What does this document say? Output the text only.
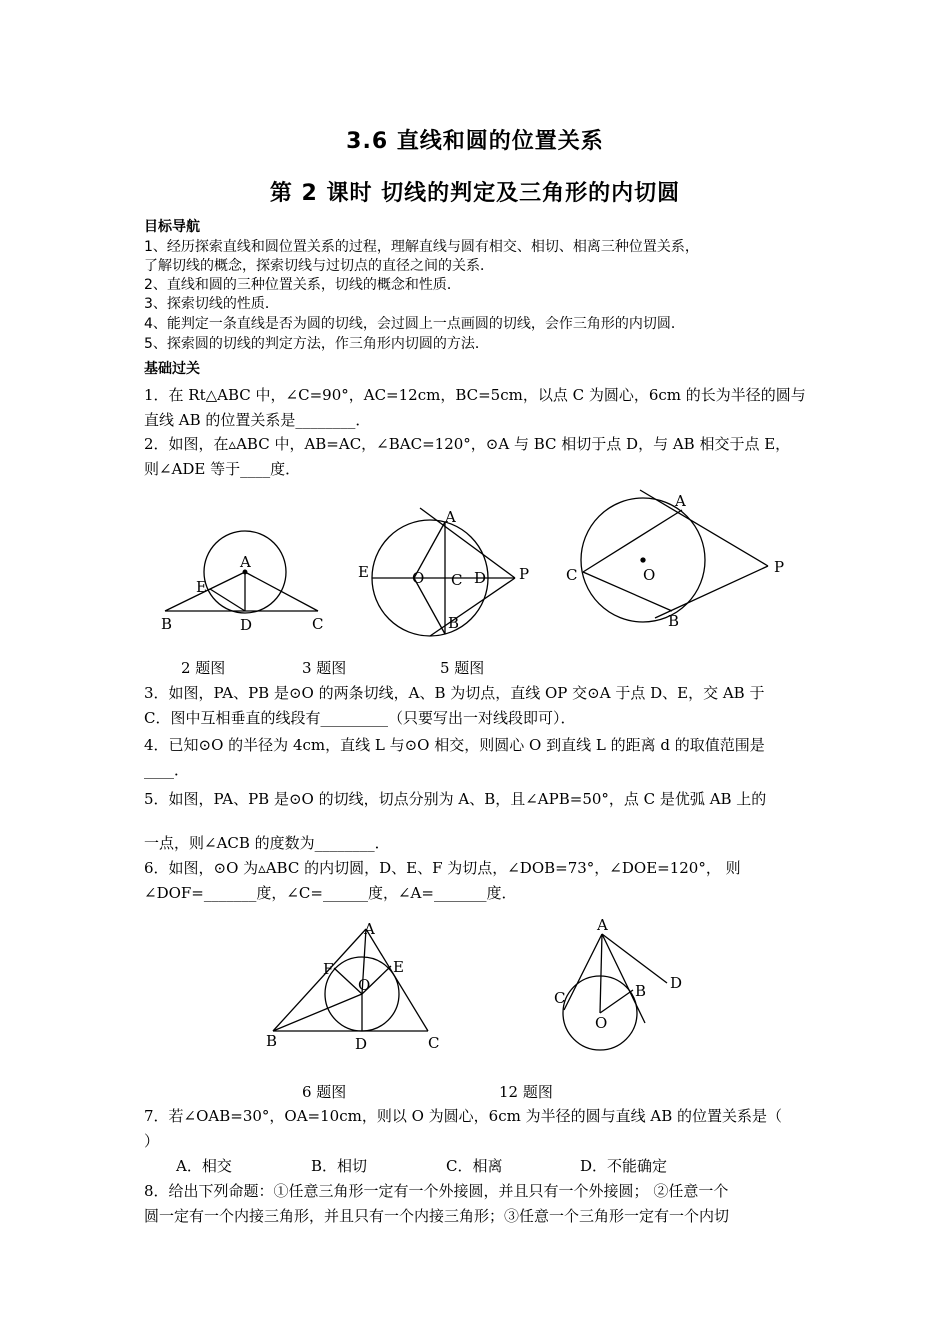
3.6 直线和圆的位置关系
第 2 课时 切线的判定及三角形的内切圆
目标导航
1、经历探索直线和圆位置关系的过程，理解直线与圆有相交、相切、相离三种位置关系，
了解切线的概念，探索切线与过切点的直径之间的关系．
2、直线和圆的三种位置关系，切线的概念和性质．
3、探索切线的性质．
4、能判定一条直线是否为圆的切线，会过圆上一点画圆的切线，会作三角形的内切圆．
5、探索圆的切线的判定方法，作三角形内切圆的方法．
基础过关
1．在 Rt△ABC 中，∠C=90°，AC=12cm，BC=5cm，以点 C 为圆心，6cm 的长为半径的圆与
直线 AB 的位置关系是________．
2．如图，在▵ABC 中，AB=AC，∠BAC=120°，⊙A 与 BC 相切于点 D，与 AB 相交于点 E，
则∠ADE 等于____度．
A
E
B	D	C
A
E	O C D P
B
A
C	O	P
B
2 题图	3 题图	5 题图
3．如图，PA、PB 是⊙O 的两条切线，A、B 为切点，直线 OP 交⊙A 于点 D、E，交 AB 于
C．图中互相垂直的线段有_________（只要写出一对线段即可）．
4．已知⊙O 的半径为 4cm，直线 L 与⊙O 相交，则圆心 O 到直线 L 的距离 d 的取值范围是
____．
5．如图，PA、PB 是⊙O 的切线，切点分别为 A、B，且∠APB=50°，点 C 是优弧 AB 上的
一点，则∠ACB 的度数为________．
6．如图，⊙O 为▵ABC 的内切圆，D、E、F 为切点，∠DOB=73°，∠DOE=120°， 则
∠DOF=_______度，∠C=______度，∠A=_______度．
A
F	E
O
B	D	C
A
D
B
C
O
6 题图	12 题图
7．若∠OAB=30°，OA=10cm，则以 O 为圆心，6cm 为半径的圆与直线 AB 的位置关系是（
）
A．相交	B．相切	C．相离	D．不能确定
8．给出下列命题：①任意三角形一定有一个外接圆，并且只有一个外接圆； ②任意一个
圆一定有一个内接三角形，并且只有一个内接三角形；③任意一个三角形一定有一个内切
